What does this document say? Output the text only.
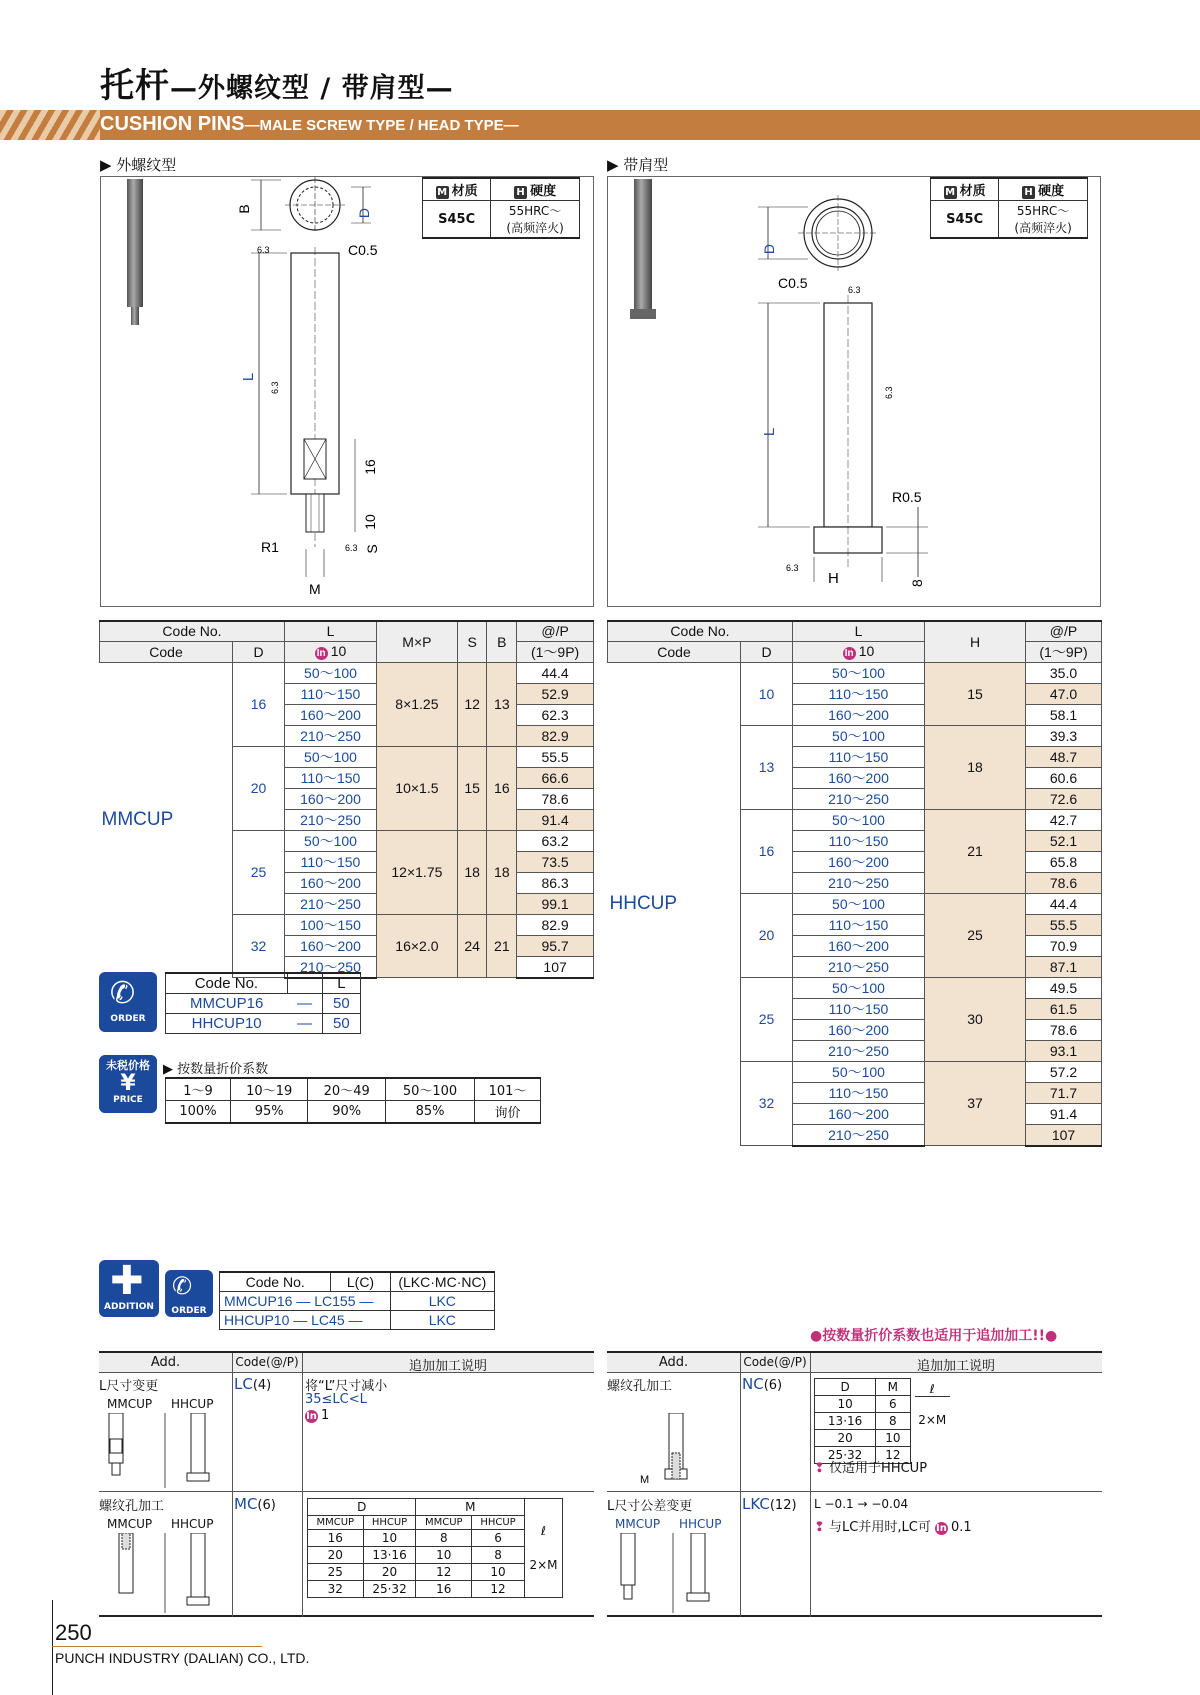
托杆—外螺纹型 / 带肩型—
CUSHION PINS—MALE SCREW TYPE / HEAD TYPE—
▶ 外螺纹型
B	D
L
C0.5
6.3
6.3
6.3
16
10
S
R1
M
M 材质	H 硬度
S45C	55HRC～
(高频淬火)
▶ 带肩型
D
L
C0.5	6.3
6.3
6.3
R0.5
8
H
M 材质	H 硬度
S45C	55HRC～
(高频淬火)
Code No.		L	M×P	S	B	@/P
Code	D	In 10				(1～9P)
MMCUP	16	50～100	8×1.25	12	13	44.4
		110～150				52.9
		160～200				62.3
		210～250				82.9
	20	50～100	10×1.5	15	16	55.5
		110～150				66.6
		160～200				78.6
		210～250				91.4
	25	50～100	12×1.75	18	18	63.2
		110～150				73.5
		160～200				86.3
		210～250				99.1
	32	100～150	16×2.0	24	21	82.9
		160～200				95.7
		210～250				107
Code No.		L	H	@/P
Code	D	In 10		(1～9P)
HHCUP	10	50～100	15	35.0
		110～150		47.0
		160～200		58.1
	13	50～100	18	39.3
		110～150		48.7
		160～200		60.6
		210～250		72.6
	16	50～100	21	42.7
		110～150		52.1
		160～200		65.8
		210～250		78.6
	20	50～100	25	44.4
		110～150		55.5
		160～200		70.9
		210～250		87.1
	25	50～100	30	49.5
		110～150		61.5
		160～200		78.6
		210～250		93.1
	32	50～100	37	57.2
		110～150		71.7
		160～200		91.4
		210～250		107
ORDER
✆	Code No.		L
MMCUP16	—	50
HHCUP10	—	50
未税价格
¥
PRICE
▶ 按数量折价系数
1～9	10～19	20～49	50～100	101～
100%	95%	90%	85%	询价
ADDITION
✚
ORDER
✆	Code No.	L(C)	(LKC·MC·NC)
MMCUP16 — LC155 —		LKC
HHCUP10 — LC45 —		LKC
●按数量折价系数也适用于追加加工!!●
Add.	Code(@/P)	追加加工说明
L尺寸变更
MMCUP HHCUP
LC(4)	将“L”尺寸减小
35≤LC<L
In 1
螺纹孔加工
MMCUP HHCUP
MC(6)	D		M		ℓ
2×M

MMCUP	HHCUP	MMCUP	HHCUP	
16	10	8	6	
20	13·16	10	8	
25	20	12	10	
32	25·32	16	12	
Add.	Code(@/P)	追加加工说明
螺纹孔加工
M
NC(6)	D	M	ℓ
2×M

10	6	
13·16	8	
20	10	
25·32	12	
❢ 仅适用于HHCUP
L尺寸公差变更
MMCUP HHCUP
LKC(12) L −0.1 → −0.04
❢ 与LC并用时,LC可 In 0.1
250
PUNCH INDUSTRY (DALIAN) CO., LTD.
